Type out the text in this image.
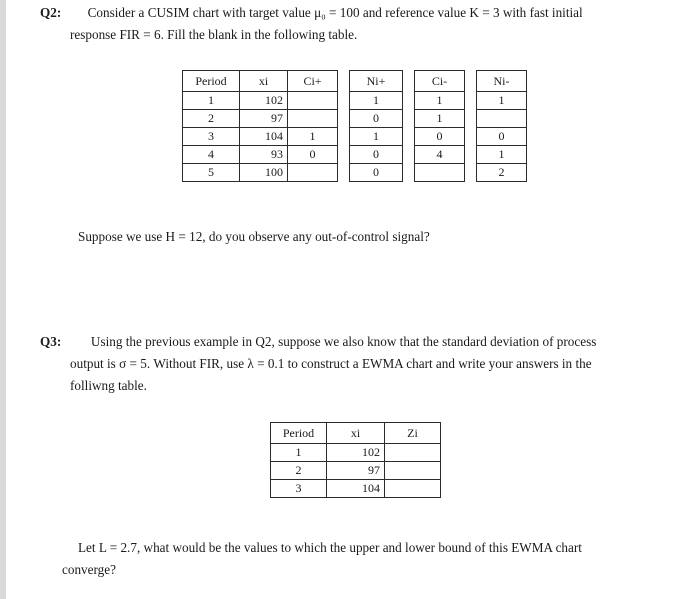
Q2: Consider a CUSIM chart with target value μ₀ = 100 and reference value K = 3 with fast initial
response FIR = 6. Fill the blank in the following table.
Period	xi	Ci+		Ni+		Ci-		Ni-
1	102			1		1		1
2	97			0		1		
3	104	1		1		0		0
4	93	0		0		4		1
5	100			0				2
Suppose we use H = 12, do you observe any out-of-control signal?
Q3: Using the previous example in Q2, suppose we also know that the standard deviation of process
output is σ = 5. Without FIR, use λ = 0.1 to construct a EWMA chart and write your answers in the
folliwng table.
Period	xi	Zi
1	102	
2	97	
3	104	
Let L = 2.7, what would be the values to which the upper and lower bound of this EWMA chart
converge?
